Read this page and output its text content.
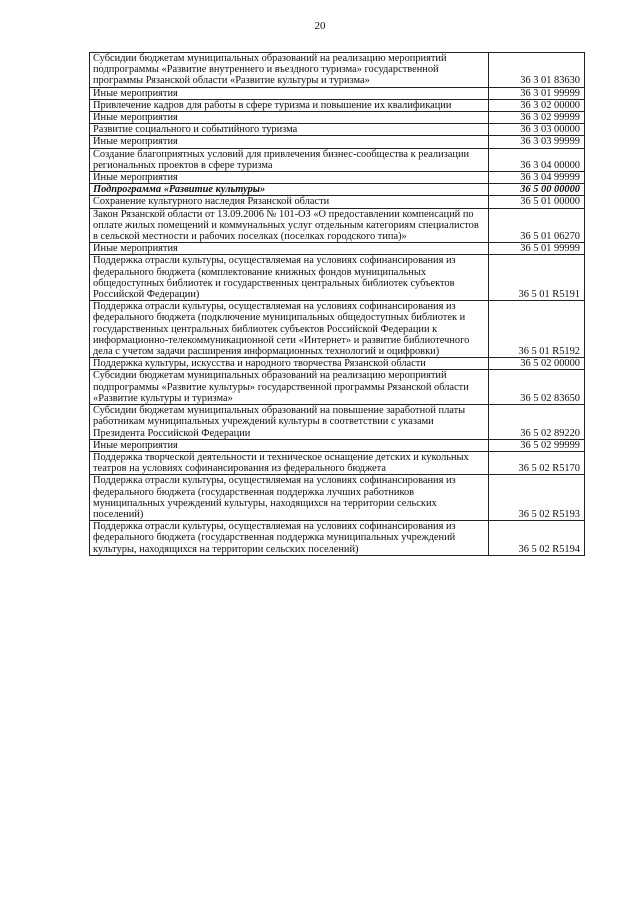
20
Субсидии бюджетам муниципальных образований на реализацию мероприятий подпрограммы «Развитие внутреннего и въездного туризма» государственной программы Рязанской области «Развитие культуры и туризма»	36 3 01 83630
Иные мероприятия	36 3 01 99999
Привлечение кадров для работы в сфере туризма и повышение их квалификации	36 3 02 00000
Иные мероприятия	36 3 02 99999
Развитие социального и событийного туризма	36 3 03 00000
Иные мероприятия	36 3 03 99999
Создание благоприятных условий для привлечения бизнес-сообщества к реализации региональных проектов в сфере туризма	36 3 04 00000
Иные мероприятия	36 3 04 99999
Подпрограмма «Развитие культуры»	36 5 00 00000
Сохранение культурного наследия Рязанской области	36 5 01 00000
Закон Рязанской области от 13.09.2006 № 101-ОЗ «О предоставлении компенсаций по оплате жилых помещений и коммунальных услуг отдельным категориям специалистов в сельской местности и рабочих поселках (поселках городского типа)»	36 5 01 06270
Иные мероприятия	36 5 01 99999
Поддержка отрасли культуры, осуществляемая на условиях софинансирования из федерального бюджета (комплектование книжных фондов муниципальных общедоступных библиотек и государственных центральных библиотек субъектов Российской Федерации)	36 5 01 R5191
Поддержка отрасли культуры, осуществляемая на условиях софинансирования из федерального бюджета (подключение муниципальных общедоступных библиотек и государственных центральных библиотек субъектов Российской Федерации к информационно-телекоммуникационной сети «Интернет» и развитие библиотечного дела с учетом задачи расширения информационных технологий и оцифровки)	36 5 01 R5192
Поддержка культуры, искусства и народного творчества Рязанской области	36 5 02 00000
Субсидии бюджетам муниципальных образований на реализацию мероприятий подпрограммы «Развитие культуры» государственной программы Рязанской области «Развитие культуры и туризма»	36 5 02 83650
Субсидии бюджетам муниципальных образований на повышение заработной платы работникам муниципальных учреждений культуры в соответствии с указами Президента Российской Федерации	36 5 02 89220
Иные мероприятия	36 5 02 99999
Поддержка творческой деятельности и техническое оснащение детских и кукольных театров на условиях софинансирования из федерального бюджета	36 5 02 R5170
Поддержка отрасли культуры, осуществляемая на условиях софинансирования из федерального бюджета (государственная поддержка лучших работников муниципальных учреждений культуры, находящихся на территории сельских поселений)	36 5 02 R5193
Поддержка отрасли культуры, осуществляемая на условиях софинансирования из федерального бюджета (государственная поддержка муниципальных учреждений культуры, находящихся на территории сельских поселений)	36 5 02 R5194
